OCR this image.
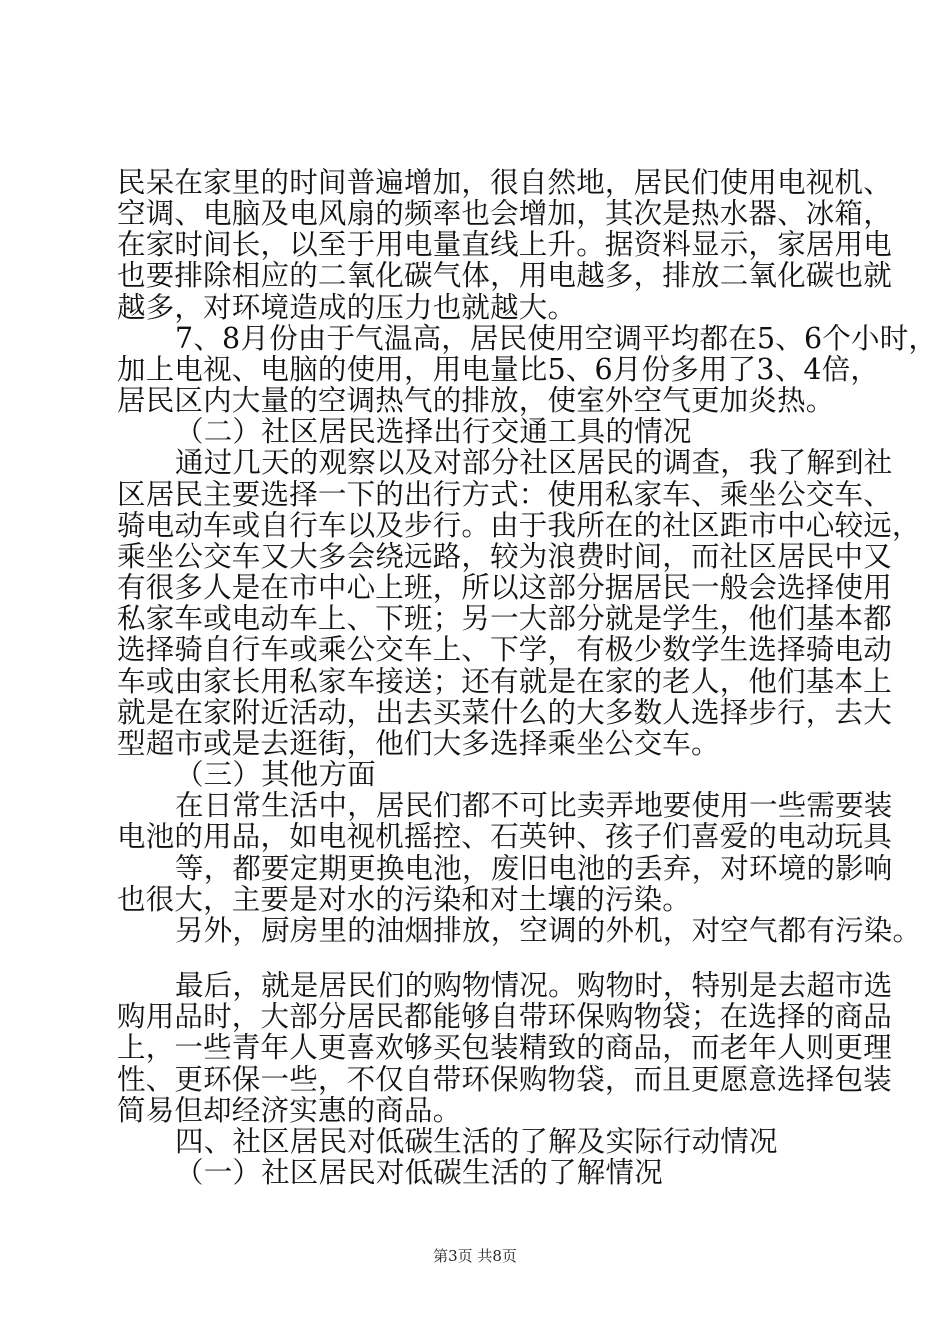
民呆在家里的时间普遍增加，很自然地，居民们使用电视机、
空调、电脑及电风扇的频率也会增加，其次是热水器、冰箱，
在家时间长，以至于用电量直线上升。据资料显示，家居用电
也要排除相应的二氧化碳气体，用电越多，排放二氧化碳也就
越多，对环境造成的压力也就越大。
7、8月份由于气温高，居民使用空调平均都在5、6个小时，
加上电视、电脑的使用，用电量比5、6月份多用了3、4倍，
居民区内大量的空调热气的排放，使室外空气更加炎热。
（二）社区居民选择出行交通工具的情况
通过几天的观察以及对部分社区居民的调查，我了解到社
区居民主要选择一下的出行方式：使用私家车、乘坐公交车、
骑电动车或自行车以及步行。由于我所在的社区距市中心较远，
乘坐公交车又大多会绕远路，较为浪费时间，而社区居民中又
有很多人是在市中心上班，所以这部分据居民一般会选择使用
私家车或电动车上、下班；另一大部分就是学生，他们基本都
选择骑自行车或乘公交车上、下学，有极少数学生选择骑电动
车或由家长用私家车接送；还有就是在家的老人，他们基本上
就是在家附近活动，出去买菜什么的大多数人选择步行，去大
型超市或是去逛街，他们大多选择乘坐公交车。
（三）其他方面
在日常生活中，居民们都不可比卖弄地要使用一些需要装
电池的用品，如电视机摇控、石英钟、孩子们喜爱的电动玩具
等，都要定期更换电池，废旧电池的丢弃，对环境的影响
也很大，主要是对水的污染和对土壤的污染。
另外，厨房里的油烟排放，空调的外机，对空气都有污染。
最后，就是居民们的购物情况。购物时，特别是去超市选
购用品时，大部分居民都能够自带环保购物袋；在选择的商品
上，一些青年人更喜欢够买包装精致的商品，而老年人则更理
性、更环保一些，不仅自带环保购物袋，而且更愿意选择包装
简易但却经济实惠的商品。
四、社区居民对低碳生活的了解及实际行动情况
（一）社区居民对低碳生活的了解情况
第3页 共8页
